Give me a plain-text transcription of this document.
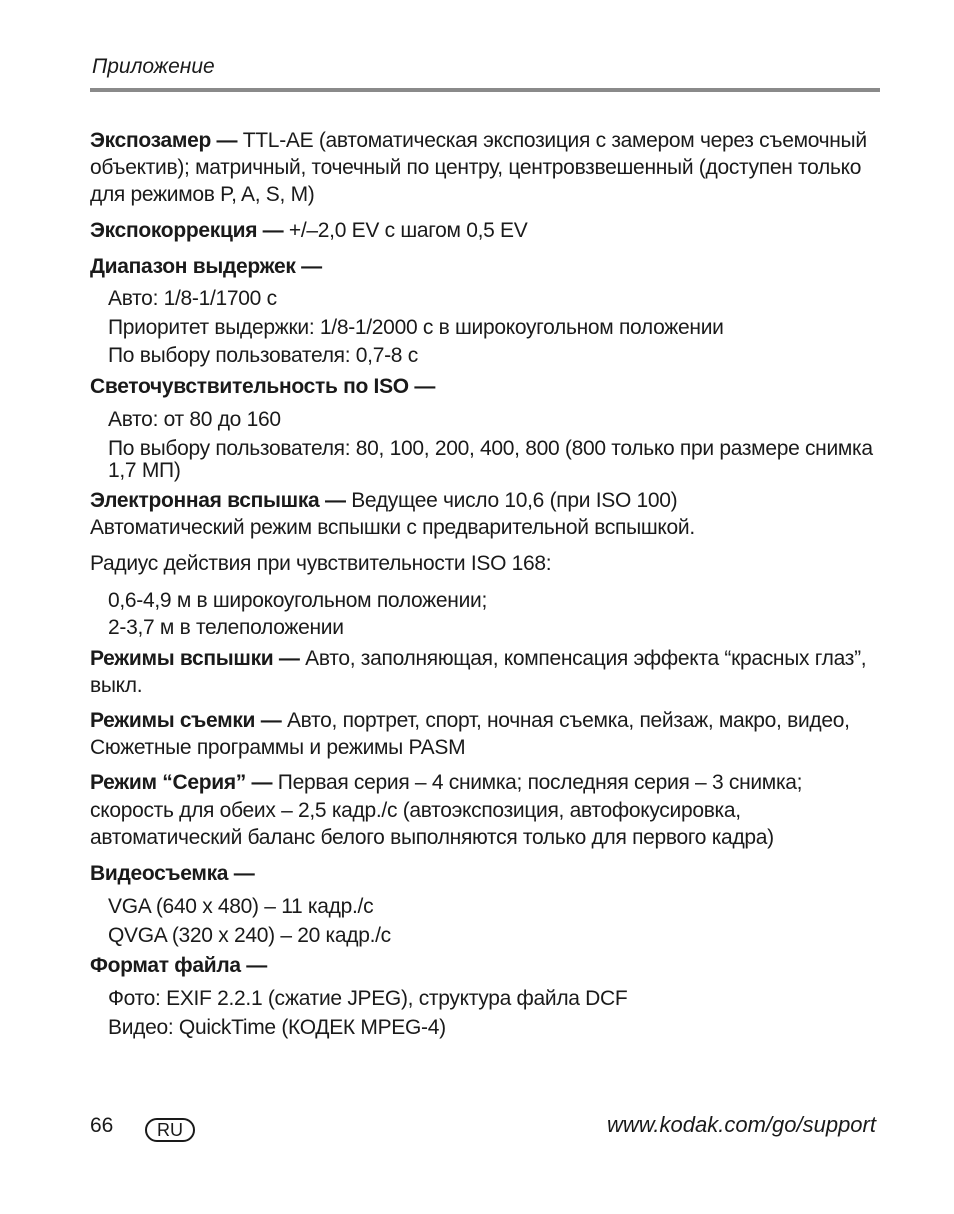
Приложение
Экспозамер — TTL-AE (автоматическая экспозиция с замером через съемочный
объектив); матричный, точечный по центру, центровзвешенный (доступен только
для режимов P, A, S, M)
Экспокоррекция — +/–2,0 EV с шагом 0,5 EV
Диапазон выдержек —
Авто: 1/8-1/1700 с
Приоритет выдержки: 1/8-1/2000 с в широкоугольном положении
По выбору пользователя: 0,7-8 с
Светочувствительность по ISO —
Авто: от 80 до 160
По выбору пользователя: 80, 100, 200, 400, 800 (800 только при размере снимка
1,7 МП)
Электронная вспышка — Ведущее число 10,6 (при ISO 100)
Автоматический режим вспышки с предварительной вспышкой.
Радиус действия при чувствительности ISO 168:
0,6-4,9 м в широкоугольном положении;
2-3,7 м в телеположении
Режимы вспышки — Авто, заполняющая, компенсация эффекта “красных глаз”,
выкл.
Режимы съемки — Авто, портрет, спорт, ночная съемка, пейзаж, макро, видео,
Сюжетные программы и режимы PASM
Режим “Серия” — Первая серия – 4 снимка; последняя серия – 3 снимка;
скорость для обеих – 2,5 кадр./с (автоэкспозиция, автофокусировка,
автоматический баланс белого выполняются только для первого кадра)
Видеосъемка —
VGA (640 x 480) – 11 кадр./с
QVGA (320 x 240) – 20 кадр./с
Формат файла —
Фото: EXIF 2.2.1 (сжатие JPEG), структура файла DCF
Видео: QuickTime (КОДЕК MPEG-4)
66	RU	www.kodak.com/go/support
